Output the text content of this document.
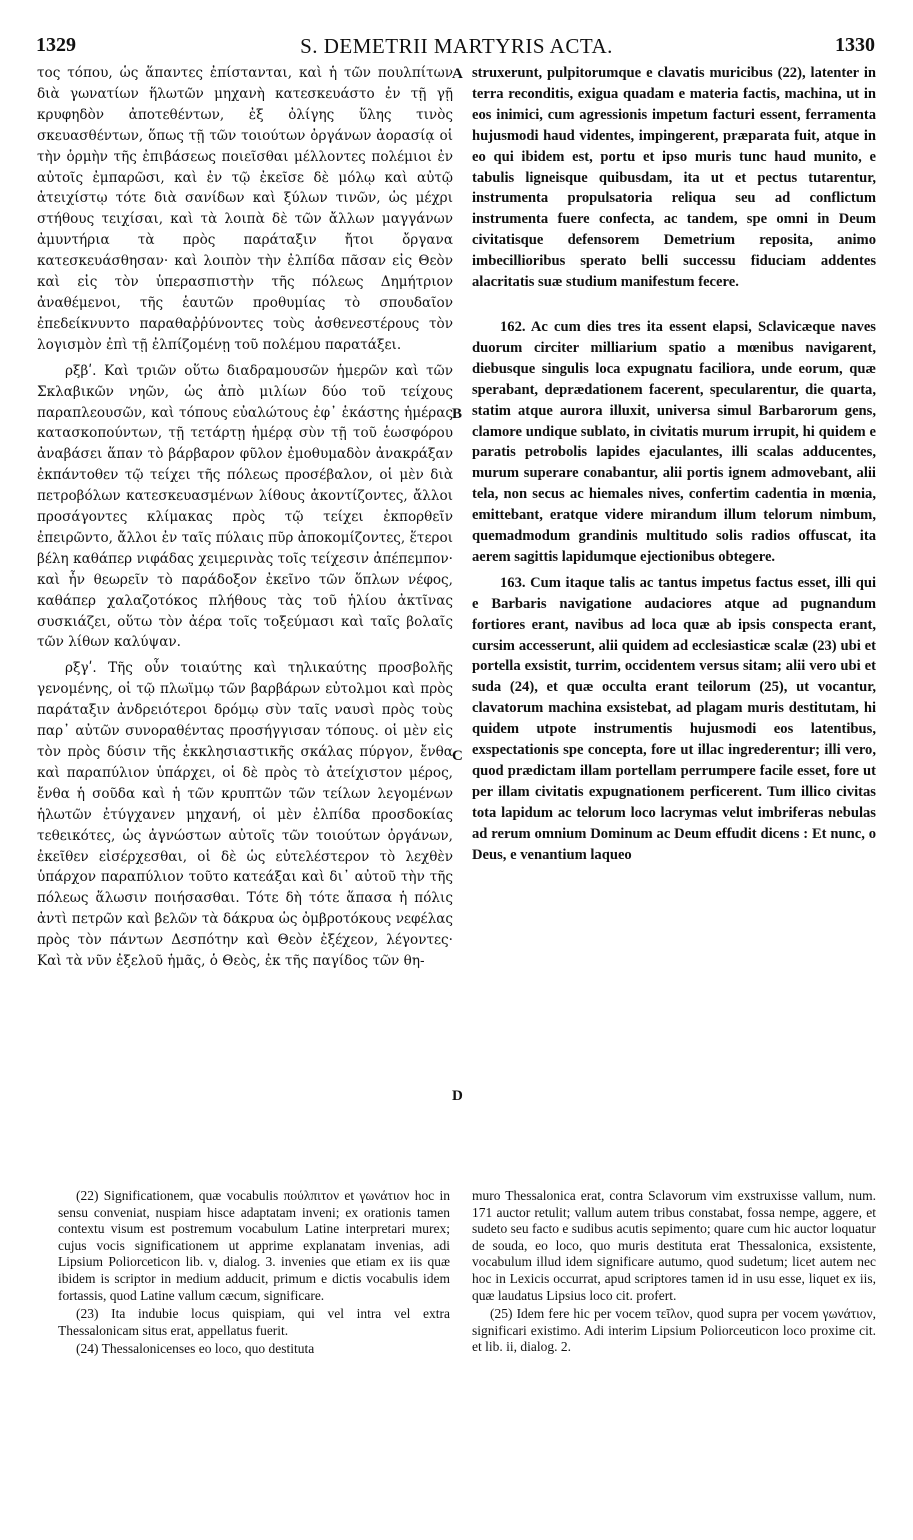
1329	S. DEMETRII MARTYRIS ACTA.	1330
A
B
C
D

τος τόπου, ὡς ἅπαντες ἐπίστανται, καὶ ἡ τῶν πουλπίτων διὰ γωνατίων ἥλωτῶν μηχανὴ κατεσκευάστο ἐν τῇ γῇ κρυφηδὸν ἀποτεθέντων, ἐξ ὀλίγης ὕλης τινὸς σκευασθέντων, ὅπως τῇ τῶν τοιούτων ὀργάνων ἀορασίᾳ οἱ τὴν ὁρμὴν τῆς ἐπιβάσεως ποιεῖσθαι μέλλοντες πολέμιοι ἐν αὐτοῖς ἐμπαρῶσι, καὶ ἐν τῷ ἐκεῖσε δὲ μόλῳ καὶ αὐτῷ ἀτειχίστῳ τότε διὰ σανίδων καὶ ξύλων τινῶν, ὡς μέχρι στήθους τειχίσαι, καὶ τὰ λοιπὰ δὲ τῶν ἄλλων μαγγάνων ἀμυντήρια τὰ πρὸς παράταξιν ἤτοι ὄργανα κατεσκευάσθησαν· καὶ λοιπὸν τὴν ἐλπίδα πᾶσαν εἰς Θεὸν καὶ εἰς τὸν ὑπερασπιστὴν τῆς πόλεως Δημήτριον ἀναθέμενοι, τῆς ἑαυτῶν προθυμίας τὸ σπουδαῖον ἐπεδείκνυντο παραθαῤῥύνοντες τοὺς ἀσθενεστέρους τὸν λογισμὸν ἐπὶ τῇ ἐλπίζομένῃ τοῦ πολέμου παρατάξει.

ρξβʹ. Καὶ τριῶν οὕτω διαδραμουσῶν ἡμερῶν καὶ τῶν Σκλαβικῶν νηῶν, ὡς ἀπὸ μιλίων δύο τοῦ τείχους παραπλεουσῶν, καὶ τόπους εὐαλώτους ἐφ᾽ ἑκάστης ἡμέρας κατασκοπούντων, τῇ τετάρτῃ ἡμέρᾳ σὺν τῇ τοῦ ἑωσφόρου ἀναβάσει ἅπαν τὸ βάρβαρον φῦλον ἐμοθυμαδὸν ἀνακράξαν ἐκπάντοθεν τῷ τείχει τῆς πόλεως προσέβαλον, οἱ μὲν διὰ πετροβόλων κατεσκευασμένων λίθους ἀκοντίζοντες, ἄλλοι προσάγοντες κλίμακας πρὸς τῷ τείχει ἐκπορθεῖν ἐπειρῶντο, ἄλλοι ἐν ταῖς πύλαις πῦρ ἀποκομίζοντες, ἕτεροι βέλη καθάπερ νιφάδας χειμερινὰς τοῖς τείχεσιν ἀπέπεμπον· καὶ ἦν θεωρεῖν τὸ παράδοξον ἐκεῖνο τῶν ὅπλων νέφος, καθάπερ χαλαζοτόκος πλήθους τὰς τοῦ ἡλίου ἀκτῖνας συσκιάζει, οὕτω τὸν ἀέρα τοῖς τοξεύμασι καὶ ταῖς βολαῖς τῶν λίθων καλύψαν.

ρξγʹ. Τῆς οὖν τοιαύτης καὶ τηλικαύτης προσβολῆς γενομένης, οἱ τῷ πλωϊμῳ τῶν βαρβάρων εὐτολμοι καὶ πρὸς παράταξιν ἀνδρειότεροι δρόμῳ σὺν ταῖς ναυσὶ πρὸς τοὺς παρ᾽ αὐτῶν συνοραθέντας προσήγγισαν τόπους. οἱ μὲν εἰς τὸν πρὸς δύσιν τῆς ἐκκλησιαστικῆς σκάλας πύργον, ἔνθα καὶ παραπύλιον ὑπάρχει, οἱ δὲ πρὸς τὸ ἀτείχιστον μέρος, ἔνθα ἡ σοῦδα καὶ ἡ τῶν κρυπτῶν τῶν τείλων λεγομένων ἡλωτῶν ἐτύγχανεν μηχανή, οἱ μὲν ἐλπίδα προσδοκίας τεθεικότες, ὡς ἀγνώστων αὐτοῖς τῶν τοιούτων ὀργάνων, ἐκεῖθεν εἰσέρχεσθαι, οἱ δὲ ὡς εὐτελέστερον τὸ λεχθὲν ὑπάρχον παραπύλιον τοῦτο κατεάξαι καὶ δι᾽ αὐτοῦ τὴν τῆς πόλεως ἅλωσιν ποιήσασθαι. Τότε δὴ τότε ἅπασα ἡ πόλις ἀντὶ πετρῶν καὶ βελῶν τὰ δάκρυα ὡς ὀμβροτόκους νεφέλας πρὸς τὸν πάντων Δεσπότην καὶ Θεὸν ἐξέχεον, λέγοντες· Καὶ τὰ νῦν ἐξελοῦ ἡμᾶς, ὁ Θεὸς, ἐκ τῆς παγίδος τῶν θη-

struxerunt, pulpitorumque e clavatis muricibus (22), latenter in terra reconditis, exigua quadam e materia factis, machina, ut in eos inimici, cum agressionis impetum facturi essent, ferramenta hujusmodi haud videntes, impingerent, præparata fuit, atque in eo qui ibidem est, portu et ipso muris tunc haud munito, e tabulis ligneisque quibusdam, ita ut et pectus tutarentur, instrumenta propulsatoria reliqua seu ad conflictum instrumenta fuere confecta, ac tandem, spe omni in Deum civitatisque defensorem Demetrium reposita, animo imbecillioribus sperato belli successu fiduciam addentes alacritatis suæ studium manifestum fecere.

162. Ac cum dies tres ita essent elapsi, Sclavicæque naves duorum circiter milliarium spatio a mœnibus navigarent, diebusque singulis loca expugnatu faciliora, unde eorum, quæ sperabant, deprædationem facerent, specularentur, die quarta, statim atque aurora illuxit, universa simul Barbarorum gens, clamore undique sublato, in civitatis murum irrupit, hi quidem e paratis petrobolis lapides ejaculantes, illi scalas adducentes, murum superare conabantur, alii portis ignem admovebant, alii tela, non secus ac hiemales nives, confertim cadentia in mœnia, emittebant, eratque videre mirandum illum telorum nimbum, quemadmodum grandinis multitudo solis radios offuscat, ita aerem sagittis lapidumque ejectionibus obtegere.

163. Cum itaque talis ac tantus impetus factus esset, illi qui e Barbaris navigatione audaciores atque ad pugnandum fortiores erant, navibus ad loca quæ ab ipsis conspecta erant, cursim accesserunt, alii quidem ad ecclesiasticæ scalæ (23) ubi et portella exsistit, turrim, occidentem versus sitam; alii vero ubi et suda (24), et quæ occulta erant teilorum (25), ut vocantur, clavatorum machina exsistebat, ad plagam muris destitutam, hi quidem utpote instrumentis hujusmodi eos latentibus, exspectationis spe concepta, fore ut illac ingrederentur; illi vero, quod prædictam illam portellam perrumpere facile esset, fore ut per illam civitatis expugnationem perficerent. Tum illico civitas tota lapidum ac telorum loco lacrymas velut imbriferas nebulas ad rerum omnium Dominum ac Deum effudit dicens : Et nunc, o Deus, e venantium laqueo

(22) Significationem, quæ vocabulis πούλπιτον et γωνάτιον hoc in sensu conveniat, nuspiam hisce adaptatam inveni; ex orationis tamen contextu visum est postremum vocabulum Latine interpretari murex; cujus vocis significationem ut apprime explanatam invenias, adi Lipsium Poliorceticon lib. v, dialog. 3. invenies que etiam ex iis quæ ibidem is scriptor in medium adducit, primum e dictis vocabulis idem fortassis, quod Latine vallum cæcum, significare.

(23) Ita indubie locus quispiam, qui vel intra vel extra Thessalonicam situs erat, appellatus fuerit.

(24) Thessalonicenses eo loco, quo destituta

muro Thessalonica erat, contra Sclavorum vim exstruxisse vallum, num. 171 auctor retulit; vallum autem tribus constabat, fossa nempe, aggere, et sudeto seu facto e sudibus acutis sepimento; quare cum hic auctor loquatur de souda, eo loco, quo muris destituta erat Thessalonica, exsistente, vocabulum illud idem significare autumo, quod sudetum; licet autem nec hoc in Lexicis occurrat, apud scriptores tamen id in usu esse, liquet ex iis, quæ laudatus Lipsius loco cit. profert.

(25) Idem fere hic per vocem τεῖλον, quod supra per vocem γωνάτιον, significari existimo. Adi interim Lipsium Poliorceuticon loco proxime cit. et lib. ii, dialog. 2.
